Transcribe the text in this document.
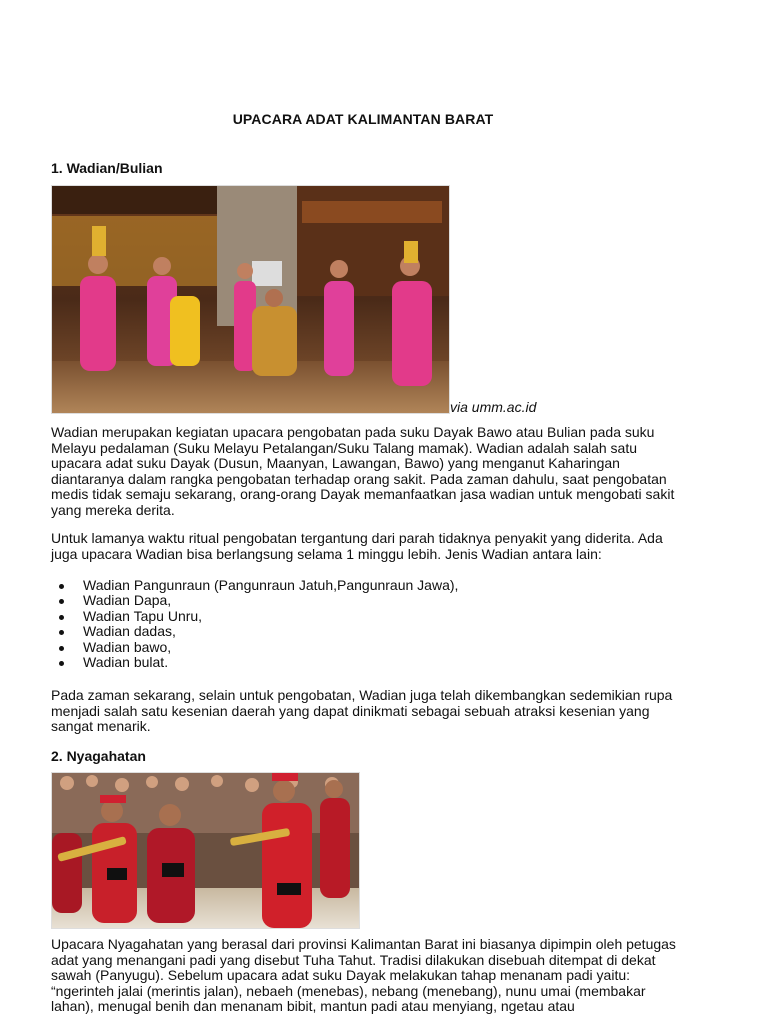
UPACARA ADAT KALIMANTAN BARAT
1. Wadian/Bulian
via umm.ac.id

Wadian merupakan kegiatan upacara pengobatan pada suku Dayak Bawo atau Bulian pada suku Melayu pedalaman (Suku Melayu Petalangan/Suku Talang mamak). Wadian adalah salah satu upacara adat suku Dayak (Dusun, Maanyan, Lawangan, Bawo) yang menganut Kaharingan diantaranya dalam rangka pengobatan terhadap orang sakit. Pada zaman dahulu, saat pengobatan medis tidak semaju sekarang, orang-orang Dayak memanfaatkan jasa wadian untuk mengobati sakit yang mereka derita.

Untuk lamanya waktu ritual pengobatan tergantung dari parah tidaknya penyakit yang diderita. Ada juga upacara Wadian bisa berlangsung selama 1 minggu lebih. Jenis Wadian antara lain:

Wadian Pangunraun (Pangunraun Jatuh,Pangunraun Jawa),
Wadian Dapa,
Wadian Tapu Unru,
Wadian dadas,
Wadian bawo,
Wadian bulat.

Pada zaman sekarang, selain untuk pengobatan, Wadian juga telah dikembangkan sedemikian rupa menjadi salah satu kesenian daerah yang dapat dinikmati sebagai sebuah atraksi kesenian yang sangat menarik.

2. Nyagahatan

Upacara Nyagahatan yang berasal dari provinsi Kalimantan Barat ini biasanya dipimpin oleh petugas adat yang menangani padi yang disebut Tuha Tahut. Tradisi dilakukan disebuah ditempat di dekat sawah (Panyugu). Sebelum upacara adat suku Dayak melakukan tahap menanam padi yaitu: “ngerinteh jalai (merintis jalan), nebaeh (menebas), nebang (menebang), nunu umai (membakar lahan), menugal benih dan menanam bibit, mantun padi atau menyiang, ngetau atau
